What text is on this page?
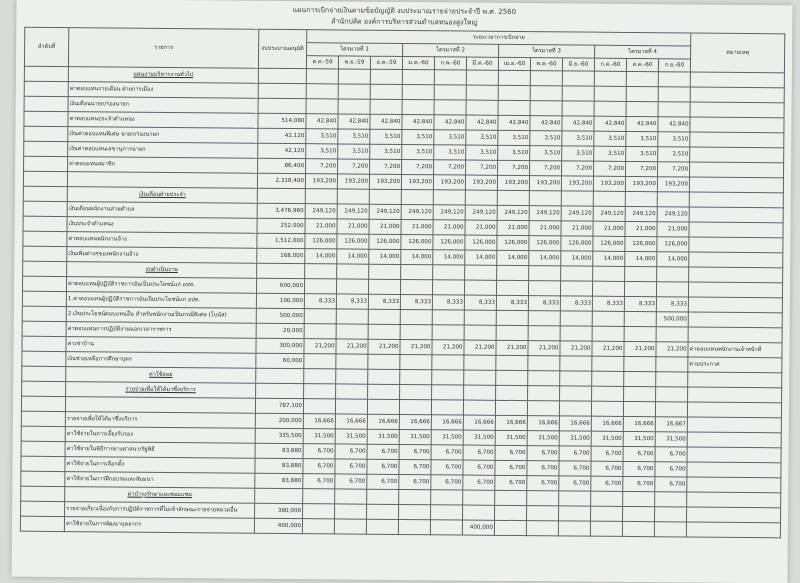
แผนการเบิกจ่ายเงินตามข้อบัญญัติ งบประมาณรายจ่ายประจำปี พ.ศ. 2560
สำนักปลัด องค์การบริหารส่วนตำบลหนองสูงใหญ่
ลำดับที่	รายการ	งบประมาณอนุมัติ	ระยะเวลาการเบิกจ่าย												หมายเหตุ
			ไตรมาสที่ 1			ไตรมาสที่ 2			ไตรมาสที่ 3			ไตรมาสที่ 4			
			ต.ค.-59	พ.ย.-59	ธ.ค.-59	ม.ค.-60	ก.พ.-60	มี.ค.-60	เม.ย.-60	พ.ค.-60	มิ.ย.-60	ก.ค.-60	ส.ค.-60	ก.ย.-60	
	แผนงานบริหารงานทั่วไป														
	ค่าตอบแทนรายเดือน ฝ่ายการเมือง														
	เงินเดือนนายก/รองนายก														
	ค่าตอบแทนประจำตำแหน่ง	514,080	42,840	42,840	42,840	42,840	42,840	42,840	42,840	42,840	42,840	42,840	42,840	42,840	
	เงินค่าตอบแทนพิเศษ นายก/รองนายก	42,120	3,510	3,510	3,510	3,510	3,510	3,510	3,510	3,510	3,510	3,510	3,510	3,510	
	เงินค่าตอบแทนเลขานุการนายก	42,120	3,510	3,510	3,510	3,510	3,510	3,510	3,510	3,510	3,510	3,510	3,510	3,510	
	ค่าตอบแทนสมาชิก	86,400	7,200	7,200	7,200	7,200	7,200	7,200	7,200	7,200	7,200	7,200	7,200	7,200	
		2,318,400	193,200	193,200	193,200	193,200	193,200	193,200	193,200	193,200	193,200	193,200	193,200	193,200	
	เงินเดือนฝ่ายประจำ														
	เงินเดือนพนักงานส่วนตำบล	3,476,960	249,120	249,120	249,120	249,120	249,120	249,120	249,120	249,120	249,120	249,120	249,120	249,120	
	เงินประจำตำแหน่ง	252,000	21,000	21,000	21,000	21,000	21,000	21,000	21,000	21,000	21,000	21,000	21,000	21,000	
	ค่าตอบแทนพนักงานจ้าง	1,512,000	126,000	126,000	126,000	126,000	126,000	126,000	126,000	126,000	126,000	126,000	126,000	126,000	
	เงินเพิ่มต่างๆของพนักงานจ้าง	168,000	14,000	14,000	14,000	14,000	14,000	14,000	14,000	14,000	14,000	14,000	14,000	14,000	
	งบดำเนินงาน														
	ค่าตอบแทนผู้ปฏิบัติราชการอันเป็นประโยชน์แก่ อปท.	600,000													
	1.ค่าตอบแทนผู้ปฏิบัติราชการอันเป็นประโยชน์แก่ อปท.	100,000	8,333	8,333	8,333	8,333	8,333	8,333	8,333	8,333	8,333	8,333	8,333	8,333	
	2.เงินประโยชน์ตอบแทนอื่น สำหรับพนักงานเป็นกรณีพิเศษ (โบนัส)	500,000												500,000	
	ค่าตอบแทนการปฏิบัติงานนอกเวลาราชการ	20,000													
	ค่าเช่าบ้าน	300,000	21,200	21,200	21,200	21,200	21,200	21,200	21,200	21,200	21,200	21,200	21,200	21,200	ค่าตอบแทนพนักงานเจ้าหน้าที่
	เงินช่วยเหลือการศึกษาบุตร	60,000													ตามประกาศ
	ค่าใช้สอย														
	รายจ่ายเพื่อให้ได้มาซึ่งบริการ														
		787,100													
	รายจ่ายเพื่อให้ได้มาซึ่งบริการ	200,000	16,666	16,666	16,666	16,666	16,666	16,666	16,666	16,666	16,666	16,666	16,666	16,667	
	ค่าใช้จ่ายในการเลี้ยงรับรอง	335,500	31,500	31,500	31,500	31,500	31,500	31,500	31,500	31,500	31,500	31,500	31,500	31,500	
	ค่าใช้จ่ายในพิธีการทางศาสนา/รัฐพิธี	83,880	6,700	6,700	6,700	6,700	6,700	6,700	6,700	6,700	6,700	6,700	6,700	6,700	
	ค่าใช้จ่ายในการเลือกตั้ง	83,880	6,700	6,700	6,700	6,700	6,700	6,700	6,700	6,700	6,700	6,700	6,700	6,700	
	ค่าใช้จ่ายในการฝึกอบรมและสัมมนา	83,880	6,700	6,700	6,700	6,700	6,700	6,700	6,700	6,700	6,700	6,700	6,700	6,700	
	ค่าบำรุงรักษาและซ่อมแซม														
	รายจ่ายเกี่ยวเนื่องกับการปฏิบัติราชการที่ไม่เข้าลักษณะรายจ่ายหมวดอื่น	380,000													
	ค่าใช้จ่ายในการพัฒนาบุคลากร	400,000						400,000							
